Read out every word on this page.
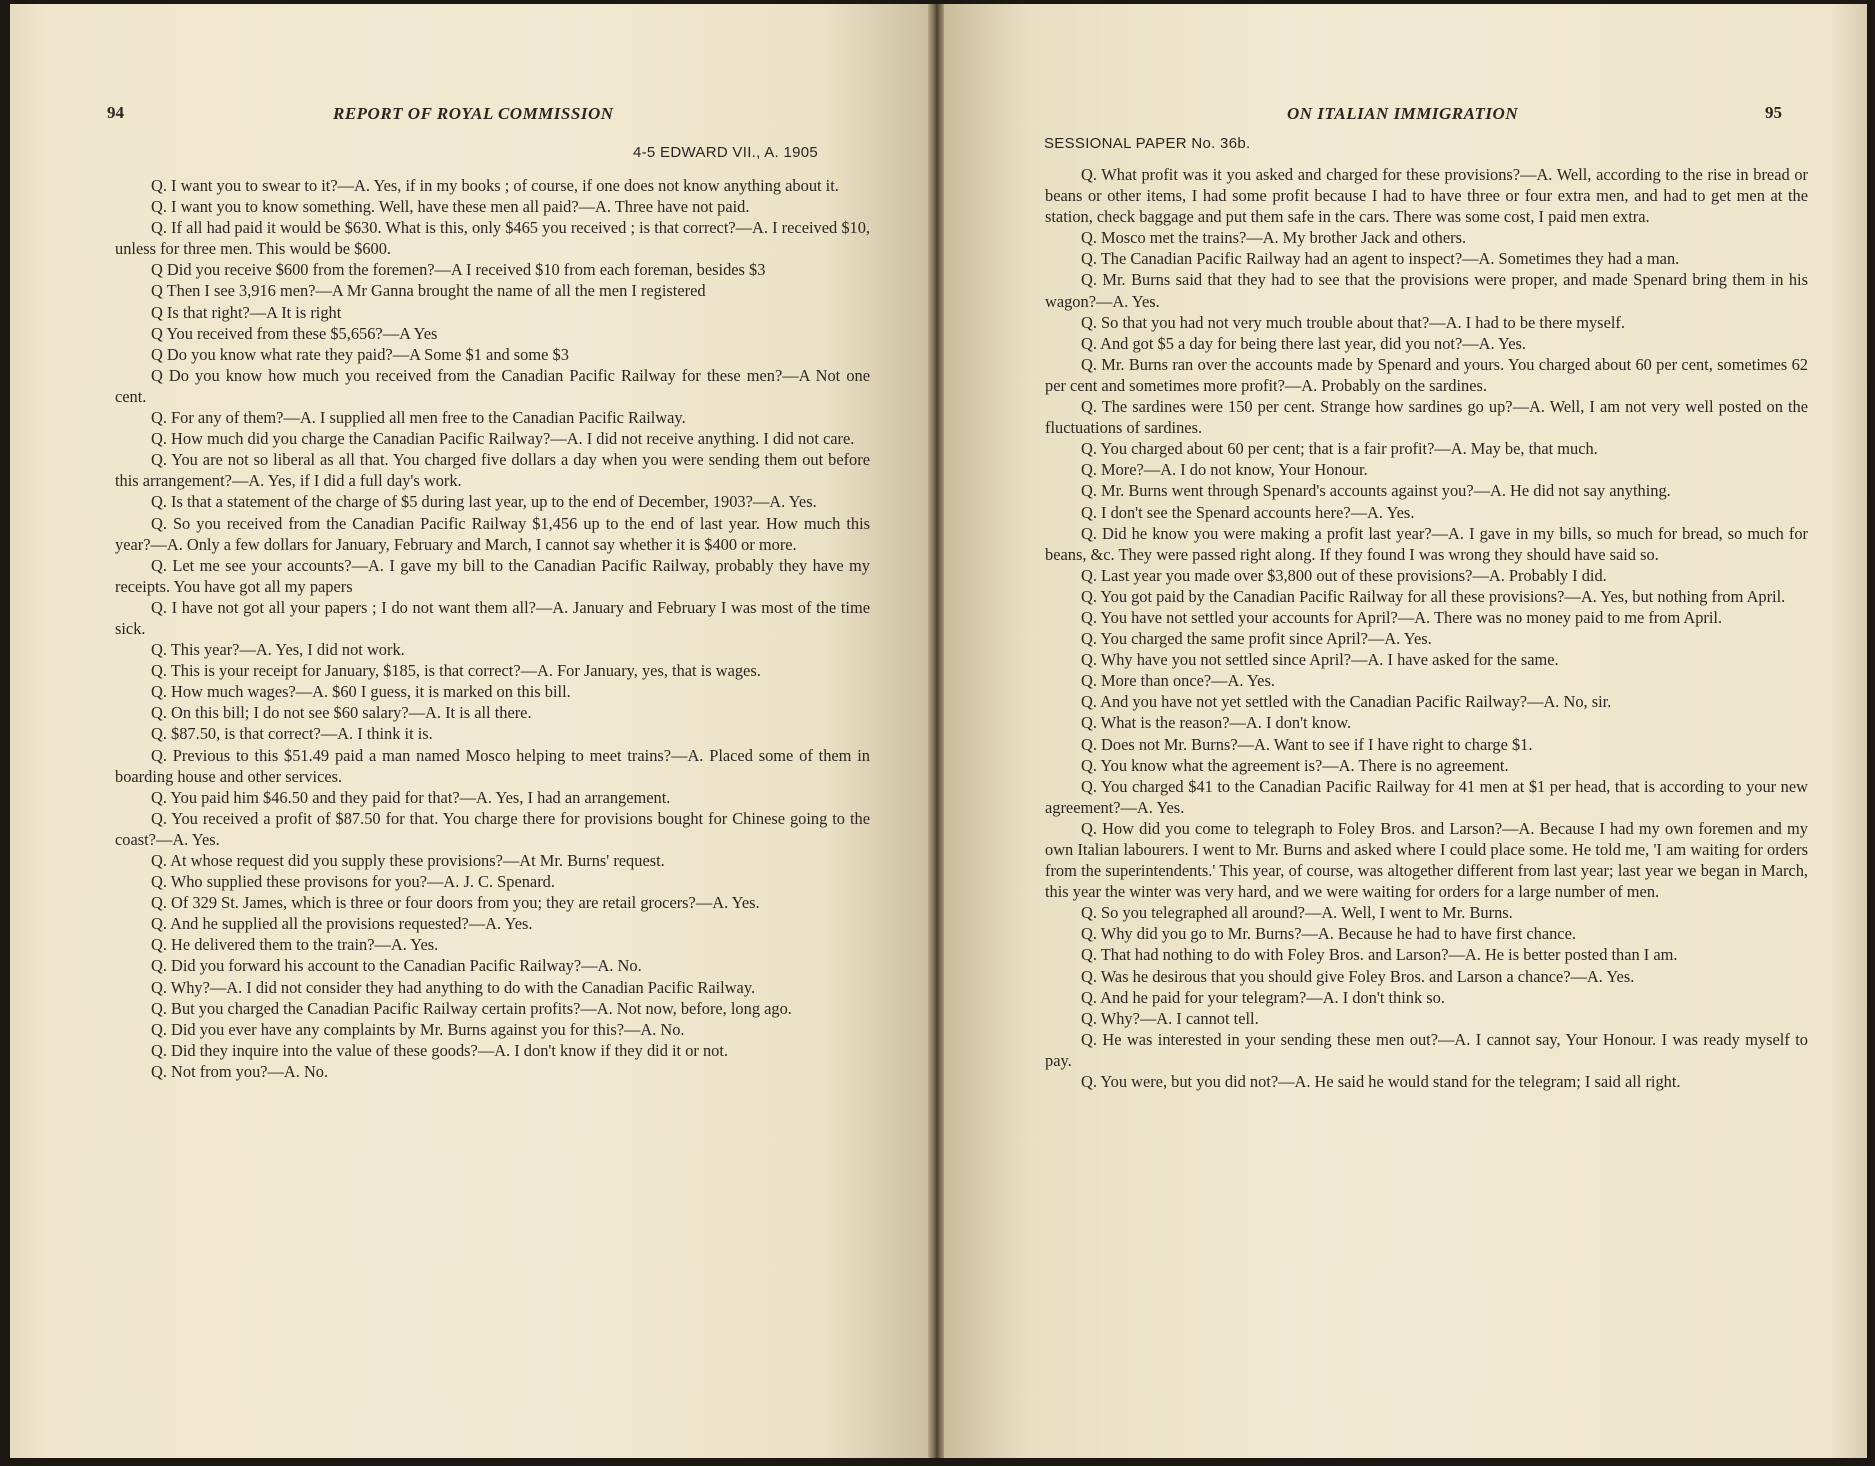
94	REPORT OF ROYAL COMMISSION
4-5 EDWARD VII., A. 1905

Q. I want you to swear to it?—A. Yes, if in my books ; of course, if one does not know anything about it.

Q. I want you to know something. Well, have these men all paid?—A. Three have not paid.

Q. If all had paid it would be $630. What is this, only $465 you received ; is that correct?—A. I received $10, unless for three men. This would be $600.

Q Did you receive $600 from the foremen?—A I received $10 from each foreman, besides $3

Q Then I see 3,916 men?—A Mr Ganna brought the name of all the men I registered

Q Is that right?—A It is right

Q You received from these $5,656?—A Yes

Q Do you know what rate they paid?—A Some $1 and some $3

Q Do you know how much you received from the Canadian Pacific Railway for these men?—A Not one cent.

Q. For any of them?—A. I supplied all men free to the Canadian Pacific Railway.

Q. How much did you charge the Canadian Pacific Railway?—A. I did not receive anything. I did not care.

Q. You are not so liberal as all that. You charged five dollars a day when you were sending them out before this arrangement?—A. Yes, if I did a full day's work.

Q. Is that a statement of the charge of $5 during last year, up to the end of December, 1903?—A. Yes.

Q. So you received from the Canadian Pacific Railway $1,456 up to the end of last year. How much this year?—A. Only a few dollars for January, February and March, I cannot say whether it is $400 or more.

Q. Let me see your accounts?—A. I gave my bill to the Canadian Pacific Railway, probably they have my receipts. You have got all my papers

Q. I have not got all your papers ; I do not want them all?—A. January and February I was most of the time sick.

Q. This year?—A. Yes, I did not work.

Q. This is your receipt for January, $185, is that correct?—A. For January, yes, that is wages.

Q. How much wages?—A. $60 I guess, it is marked on this bill.

Q. On this bill; I do not see $60 salary?—A. It is all there.

Q. $87.50, is that correct?—A. I think it is.

Q. Previous to this $51.49 paid a man named Mosco helping to meet trains?—A. Placed some of them in boarding house and other services.

Q. You paid him $46.50 and they paid for that?—A. Yes, I had an arrangement.

Q. You received a profit of $87.50 for that. You charge there for provisions bought for Chinese going to the coast?—A. Yes.

Q. At whose request did you supply these provisions?—At Mr. Burns' request.

Q. Who supplied these provisons for you?—A. J. C. Spenard.

Q. Of 329 St. James, which is three or four doors from you; they are retail grocers?—A. Yes.

Q. And he supplied all the provisions requested?—A. Yes.

Q. He delivered them to the train?—A. Yes.

Q. Did you forward his account to the Canadian Pacific Railway?—A. No.

Q. Why?—A. I did not consider they had anything to do with the Canadian Pacific Railway.

Q. But you charged the Canadian Pacific Railway certain profits?—A. Not now, before, long ago.

Q. Did you ever have any complaints by Mr. Burns against you for this?—A. No.

Q. Did they inquire into the value of these goods?—A. I don't know if they did it or not.

Q. Not from you?—A. No.

ON ITALIAN IMMIGRATION	95
SESSIONAL PAPER No. 36b.

Q. What profit was it you asked and charged for these provisions?—A. Well, according to the rise in bread or beans or other items, I had some profit because I had to have three or four extra men, and had to get men at the station, check baggage and put them safe in the cars. There was some cost, I paid men extra.

Q. Mosco met the trains?—A. My brother Jack and others.

Q. The Canadian Pacific Railway had an agent to inspect?—A. Sometimes they had a man.

Q. Mr. Burns said that they had to see that the provisions were proper, and made Spenard bring them in his wagon?—A. Yes.

Q. So that you had not very much trouble about that?—A. I had to be there myself.

Q. And got $5 a day for being there last year, did you not?—A. Yes.

Q. Mr. Burns ran over the accounts made by Spenard and yours. You charged about 60 per cent, sometimes 62 per cent and sometimes more profit?—A. Probably on the sardines.

Q. The sardines were 150 per cent. Strange how sardines go up?—A. Well, I am not very well posted on the fluctuations of sardines.

Q. You charged about 60 per cent; that is a fair profit?—A. May be, that much.

Q. More?—A. I do not know, Your Honour.

Q. Mr. Burns went through Spenard's accounts against you?—A. He did not say anything.

Q. I don't see the Spenard accounts here?—A. Yes.

Q. Did he know you were making a profit last year?—A. I gave in my bills, so much for bread, so much for beans, &c. They were passed right along. If they found I was wrong they should have said so.

Q. Last year you made over $3,800 out of these provisions?—A. Probably I did.

Q. You got paid by the Canadian Pacific Railway for all these provisions?—A. Yes, but nothing from April.

Q. You have not settled your accounts for April?—A. There was no money paid to me from April.

Q. You charged the same profit since April?—A. Yes.

Q. Why have you not settled since April?—A. I have asked for the same.

Q. More than once?—A. Yes.

Q. And you have not yet settled with the Canadian Pacific Railway?—A. No, sir.

Q. What is the reason?—A. I don't know.

Q. Does not Mr. Burns?—A. Want to see if I have right to charge $1.

Q. You know what the agreement is?—A. There is no agreement.

Q. You charged $41 to the Canadian Pacific Railway for 41 men at $1 per head, that is according to your new agreement?—A. Yes.

Q. How did you come to telegraph to Foley Bros. and Larson?—A. Because I had my own foremen and my own Italian labourers. I went to Mr. Burns and asked where I could place some. He told me, 'I am waiting for orders from the superintendents.' This year, of course, was altogether different from last year; last year we began in March, this year the winter was very hard, and we were waiting for orders for a large number of men.

Q. So you telegraphed all around?—A. Well, I went to Mr. Burns.

Q. Why did you go to Mr. Burns?—A. Because he had to have first chance.

Q. That had nothing to do with Foley Bros. and Larson?—A. He is better posted than I am.

Q. Was he desirous that you should give Foley Bros. and Larson a chance?—A. Yes.

Q. And he paid for your telegram?—A. I don't think so.

Q. Why?—A. I cannot tell.

Q. He was interested in your sending these men out?—A. I cannot say, Your Honour. I was ready myself to pay.

Q. You were, but you did not?—A. He said he would stand for the telegram; I said all right.
